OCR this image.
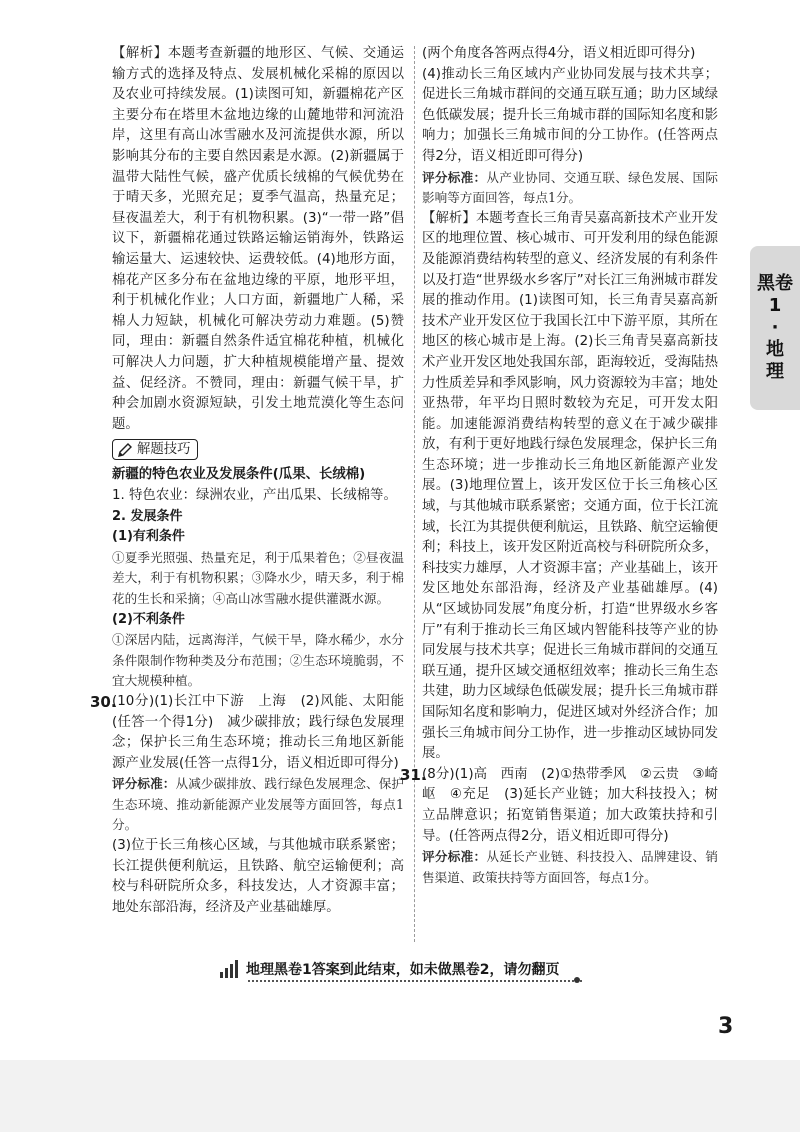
【解析】本题考查新疆的地形区、气候、交通运输方式的选择及特点、发展机械化采棉的原因以及农业可持续发展。(1)读图可知，新疆棉花产区主要分布在塔里木盆地边缘的山麓地带和河流沿岸，这里有高山冰雪融水及河流提供水源，所以影响其分布的主要自然因素是水源。(2)新疆属于温带大陆性气候，盛产优质长绒棉的气候优势在于晴天多，光照充足；夏季气温高，热量充足；昼夜温差大，利于有机物积累。(3)“一带一路”倡议下，新疆棉花通过铁路运输运销海外，铁路运输运量大、运速较快、运费较低。(4)地形方面，棉花产区多分布在盆地边缘的平原，地形平坦，利于机械化作业；人口方面，新疆地广人稀，采棉人力短缺，机械化可解决劳动力难题。(5)赞同，理由：新疆自然条件适宜棉花种植，机械化可解决人力问题，扩大种植规模能增产量、提效益、促经济。不赞同，理由：新疆气候干旱，扩种会加剧水资源短缺，引发土地荒漠化等生态问题。

解题技巧

新疆的特色农业及发展条件(瓜果、长绒棉)

1. 特色农业：绿洲农业，产出瓜果、长绒棉等。

2. 发展条件

(1)有利条件

①夏季光照强、热量充足，利于瓜果着色；②昼夜温差大，利于有机物积累；③降水少，晴天多，利于棉花的生长和采摘；④高山冰雪融水提供灌溉水源。

(2)不利条件

①深居内陆，远离海洋，气候干旱，降水稀少，水分条件限制作物种类及分布范围；②生态环境脆弱，不宜大规模种植。

30.

(10分)(1)长江中下游　上海　(2)风能、太阳能(任答一个得1分)　减少碳排放；践行绿色发展理念；保护长三角生态环境；推动长三角地区新能源产业发展(任答一点得1分，语义相近即可得分)

评分标准：从减少碳排放、践行绿色发展理念、保护生态环境、推动新能源产业发展等方面回答，每点1分。

(3)位于长三角核心区域，与其他城市联系紧密；长江提供便利航运，且铁路、航空运输便利；高校与科研院所众多，科技发达，人才资源丰富；地处东部沿海，经济及产业基础雄厚。

(两个角度各答两点得4分，语义相近即可得分)

(4)推动长三角区域内产业协同发展与技术共享；促进长三角城市群间的交通互联互通；助力区域绿色低碳发展；提升长三角城市群的国际知名度和影响力；加强长三角城市间的分工协作。(任答两点得2分，语义相近即可得分)

评分标准：从产业协同、交通互联、绿色发展、国际影响等方面回答，每点1分。

【解析】本题考查长三角青吴嘉高新技术产业开发区的地理位置、核心城市、可开发利用的绿色能源及能源消费结构转型的意义、经济发展的有利条件以及打造“世界级水乡客厅”对长江三角洲城市群发展的推动作用。(1)读图可知，长三角青吴嘉高新技术产业开发区位于我国长江中下游平原，其所在地区的核心城市是上海。(2)长三角青吴嘉高新技术产业开发区地处我国东部，距海较近，受海陆热力性质差异和季风影响，风力资源较为丰富；地处亚热带，年平均日照时数较为充足，可开发太阳能。加速能源消费结构转型的意义在于减少碳排放，有利于更好地践行绿色发展理念，保护长三角生态环境；进一步推动长三角地区新能源产业发展。(3)地理位置上，该开发区位于长三角核心区域，与其他城市联系紧密；交通方面，位于长江流域，长江为其提供便利航运，且铁路、航空运输便利；科技上，该开发区附近高校与科研院所众多，科技实力雄厚，人才资源丰富；产业基础上，该开发区地处东部沿海，经济及产业基础雄厚。(4)从“区域协同发展”角度分析，打造“世界级水乡客厅”有利于推动长三角区域内智能科技等产业的协同发展与技术共享；促进长三角城市群间的交通互联互通，提升区域交通枢纽效率；推动长三角生态共建，助力区域绿色低碳发展；提升长三角城市群国际知名度和影响力，促进区域对外经济合作；加强长三角城市间分工协作，进一步推动区域协同发展。

31.

(8分)(1)高　西南　(2)①热带季风　②云贵　③崎岖　④充足　(3)延长产业链；加大科技投入；树立品牌意识；拓宽销售渠道；加大政策扶持和引导。(任答两点得2分，语义相近即可得分)

评分标准：从延长产业链、科技投入、品牌建设、销售渠道、政策扶持等方面回答，每点1分。

黑卷
1
·
地
理
地理黑卷1答案到此结束，如未做黑卷2，请勿翻页
3
